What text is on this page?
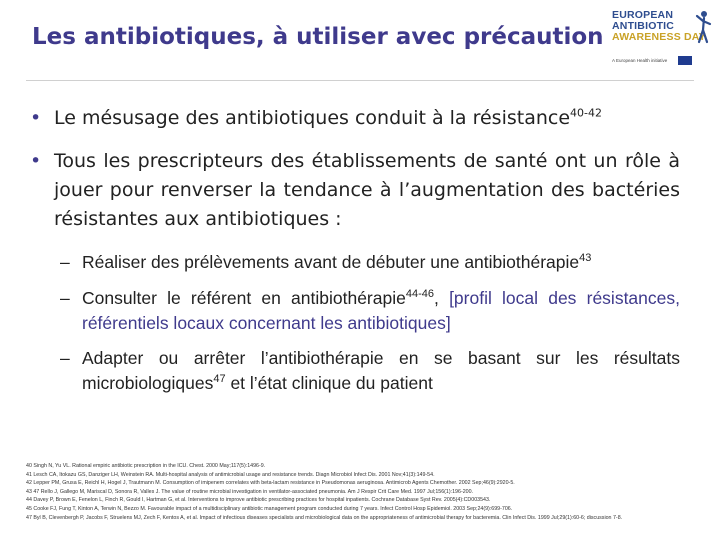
Les antibiotiques, à utiliser avec précaution
EUROPEAN
ANTIBIOTIC
AWARENESS DAY
A European Health initiative
• Le mésusage des antibiotiques conduit à la résistance$^{40-42}$
• Tous les prescripteurs des établissements de santé ont un rôle à jouer pour renverser la tendance à l’augmentation des bactéries résistantes aux antibiotiques :
– Réaliser des prélèvements avant de débuter une antibiothérapie$^{43}$
– Consulter le référent en antibiothérapie$^{44-46}$, [profil local des résistances, référentiels locaux concernant les antibiotiques]
– Adapter ou arrêter l’antibiothérapie en se basant sur les résultats microbiologiques$^{47}$ et l’état clinique du patient
40 Singh N, Yu VL. Rational empiric antibiotic prescription in the ICU. Chest. 2000 May;117(5):1496-9.
41 Lesch CA, Itokazu GS, Danziger LH, Weinstein RA. Multi-hospital analysis of antimicrobial usage and resistance trends. Diagn Microbiol Infect Dis. 2001 Nov;41(3):149-54.
42 Lepper PM, Grusa E, Reichl H, Hogel J, Trautmann M. Consumption of imipenem correlates with beta-lactam resistance in Pseudomonas aeruginosa. Antimicrob Agents Chemother. 2002 Sep;46(9):2920-5.
43 47 Rello J, Gallego M, Mariscal D, Sonora R, Valles J. The value of routine microbial investigation in ventilator-associated pneumonia. Am J Respir Crit Care Med. 1997 Jul;156(1):196-200.
44 Davey P, Brown E, Fenelon L, Finch R, Gould I, Hartman G, et al. Interventions to improve antibiotic prescribing practices for hospital inpatients. Cochrane Database Syst Rev. 2005(4):CD003543.
45 Cooke FJ, Fung T, Kinton A, Terwin N, Bezzo M. Favourable impact of a multidisciplinary antibiotic management program conducted during 7 years. Infect Control Hosp Epidemiol. 2003 Sep;24(9):699-706.
47 Byl B, Clevenbergh P, Jacobs F, Struelens MJ, Zech F, Kentos A, et al. Impact of infectious diseases specialists and microbiological data on the appropriateness of antimicrobial therapy for bacteremia. Clin Infect Dis. 1999 Jul;29(1):60-6; discussion 7-8.
